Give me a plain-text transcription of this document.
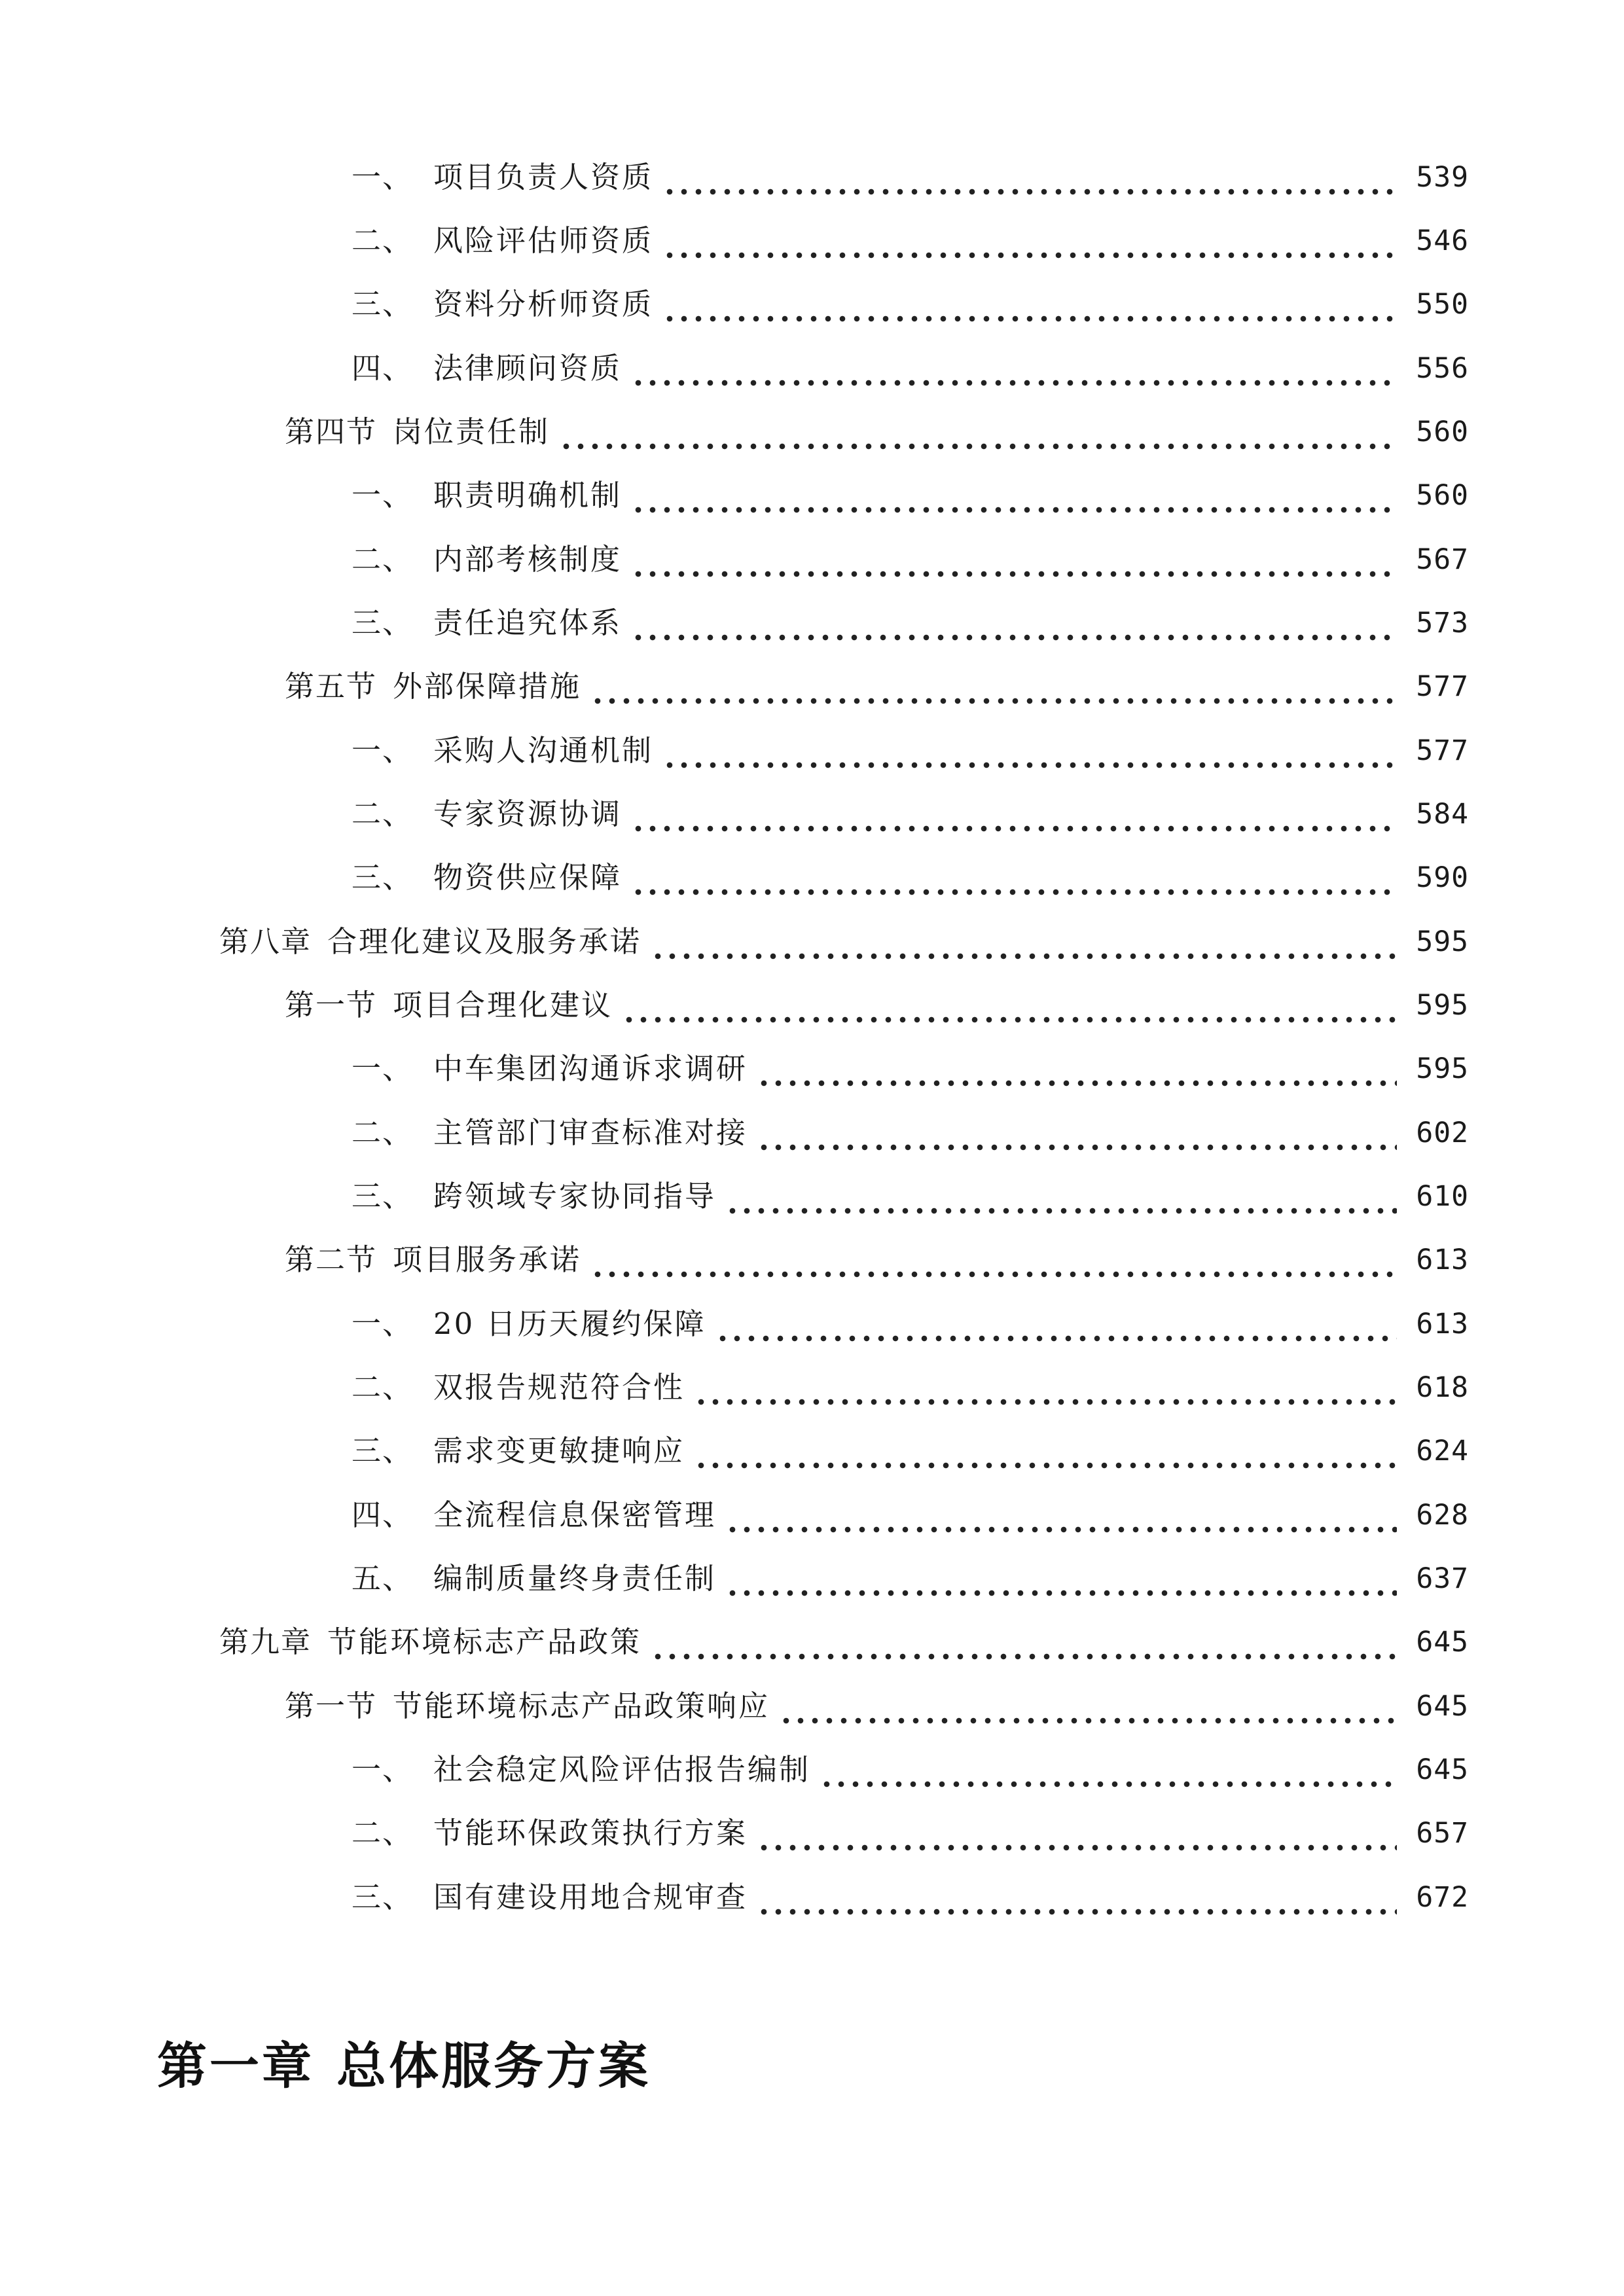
一、 项目负责人资质	539
二、 风险评估师资质	546
三、 资料分析师资质	550
四、 法律顾问资质	556
第四节 岗位责任制	560
一、 职责明确机制	560
二、 内部考核制度	567
三、 责任追究体系	573
第五节 外部保障措施	577
一、 采购人沟通机制	577
二、 专家资源协调	584
三、 物资供应保障	590
第八章 合理化建议及服务承诺	595
第一节 项目合理化建议	595
一、 中车集团沟通诉求调研	595
二、 主管部门审查标准对接	602
三、 跨领域专家协同指导	610
第二节 项目服务承诺	613
一、 20 日历天履约保障	613
二、 双报告规范符合性	618
三、 需求变更敏捷响应	624
四、 全流程信息保密管理	628
五、 编制质量终身责任制	637
第九章 节能环境标志产品政策	645
第一节 节能环境标志产品政策响应	645
一、 社会稳定风险评估报告编制	645
二、 节能环保政策执行方案	657
三、 国有建设用地合规审查	672
第一章 总体服务方案
